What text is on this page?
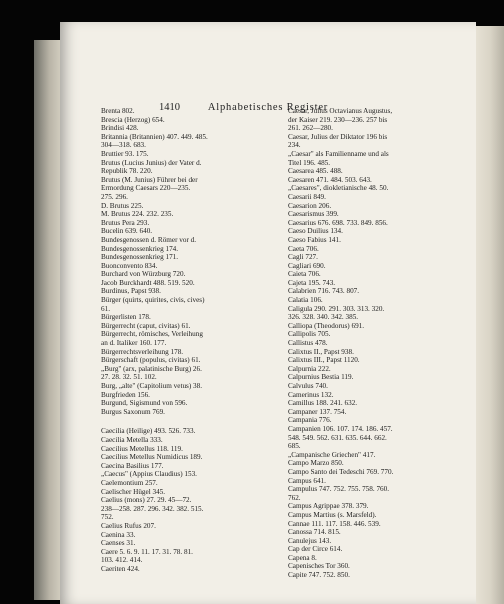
Alphabetisches Register
1410
Brenta 802.
Brescia (Herzog) 654.
Brindisi 428.
Britannia (Britannien) 407. 449. 485.
304—318. 683.
Bruttier 93. 175.
Brutus (Lucius Junius) der Vater d.
Republik 78. 220.
Brutus (M. Junius) Führer bei der
Ermordung Caesars 220—235.
275. 296.
D. Brutus 225.
M. Brutus 224. 232. 235.
Brutus Pera 293.
Bucelin 639. 640.
Bundesgenossen d. Römer vor d.
Bundesgenossenkrieg 174.
Bundesgenossenkrieg 171.
Buonconvento 834.
Burchard von Würzburg 720.
Jacob Burckhardt 488. 519. 520.
Burdinus, Papst 938.
Bürger (quirts, quirites, civis, cives)
61.
Bürgerlisten 178.
Bürgerrecht (caput, civitas) 61.
Bürgerrecht, römisches, Verleihung
an d. Italiker 160. 177.
Bürgerrechtsverleihung 178.
Bürgerschaft (populus, civitas) 61.
„Burg" (arx, palatinische Burg) 26.
27. 28. 32. 51. 102.
Burg, „alte" (Capitolium vetus) 38.
Burgfrieden 156.
Burgund, Sigismund von 596.
Burgus Saxonum 769.
Caecilia (Heilige) 493. 526. 733.
Caecilia Metella 333.
Caecilius Metellus 118. 119.
Caecilius Metellus Numidicus 189.
Caecina Basilius 177.
„Caecus" (Appius Claudius) 153.
Caelemontium 257.
Caelischer Hügel 345.
Caelius (mons) 27. 29. 45—72.
238—258. 287. 296. 342. 382. 515.
752.
Caelius Rufus 207.
Caenina 33.
Caenses 31.
Caere 5. 6. 9. 11. 17. 31. 78. 81.
103. 412. 414.
Caeriten 424.
Caesar, Julius Octavianus Augustus,
der Kaiser 219. 230—236. 257 bis
261. 262—280.
Caesar, Julius der Diktator 196 bis
234.
„Caesar" als Familienname und als
Titel 196. 485.
Caesarea 485. 488.
Caesaren 471. 484. 503. 643.
„Caesares", diokletianische 48. 50.
Caesarii 849.
Caesarion 206.
Caesarismus 399.
Caesarius 676. 698. 733. 849. 856.
Caeso Duilius 134.
Caeso Fabius 141.
Caeta 706.
Cagli 727.
Cagliari 690.
Caieta 706.
Cajeta 195. 743.
Calabrien 716. 743. 807.
Calatia 106.
Caligula 290. 291. 303. 313. 320.
326. 328. 340. 342. 385.
Calliopa (Theodorus) 691.
Callipolis 705.
Callistus 478.
Calixtus II., Papst 938.
Calixtus III., Papst 1120.
Calpurnia 222.
Calpurnius Bestia 119.
Calvulus 740.
Camerinus 132.
Camillus 188. 241. 632.
Campaner 137. 754.
Campania 776.
Campanien 106. 107. 174. 186. 457.
548. 549. 562. 631. 635. 644. 662.
685.
„Campanische Griechen" 417.
Campo Marzo 850.
Campo Santo dei Tedeschi 769. 770.
Campus 641.
Campulus 747. 752. 755. 758. 760.
762.
Campus Agrippae 378. 379.
Campus Martius (s. Marsfeld).
Cannae 111. 117. 158. 446. 539.
Canossa 714. 815.
Canulejus 143.
Cap der Circe 614.
Capena 8.
Capenisches Tor 360.
Capite 747. 752. 850.
